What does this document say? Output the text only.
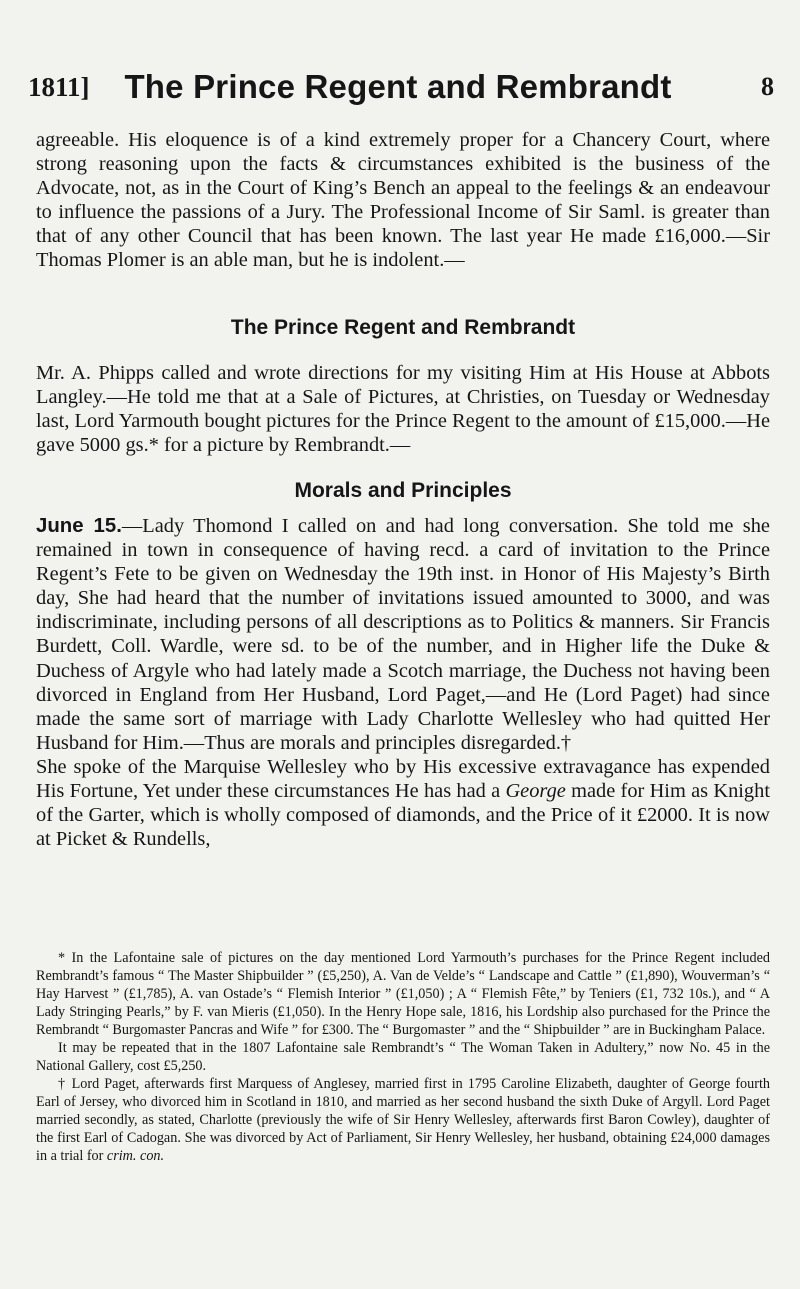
1811] The Prince Regent and Rembrandt	8

agreeable. His eloquence is of a kind extremely proper for a Chancery Court, where strong reasoning upon the facts & circumstances exhibited is the business of the Advocate, not, as in the Court of King’s Bench an appeal to the feelings & an endeavour to influence the passions of a Jury. The Professional Income of Sir Saml. is greater than that of any other Council that has been known. The last year He made £16,000.—Sir Thomas Plomer is an able man, but he is indolent.—

The Prince Regent and Rembrandt

Mr. A. Phipps called and wrote directions for my visiting Him at His House at Abbots Langley.—He told me that at a Sale of Pictures, at Christies, on Tuesday or Wednesday last, Lord Yarmouth bought pictures for the Prince Regent to the amount of £15,000.—He gave 5000 gs.* for a picture by Rembrandt.—

Morals and Principles

June 15.—Lady Thomond I called on and had long conversation. She told me she remained in town in consequence of having recd. a card of invitation to the Prince Regent’s Fete to be given on Wednesday the 19th inst. in Honor of His Majesty’s Birth day, She had heard that the number of invitations issued amounted to 3000, and was indiscriminate, including persons of all descriptions as to Politics & manners. Sir Francis Burdett, Coll. Wardle, were sd. to be of the number, and in Higher life the Duke & Duchess of Argyle who had lately made a Scotch marriage, the Duchess not having been divorced in England from Her Husband, Lord Paget,—and He (Lord Paget) had since made the same sort of marriage with Lady Charlotte Wellesley who had quitted Her Husband for Him.—Thus are morals and principles disregarded.†

She spoke of the Marquise Wellesley who by His excessive extravagance has expended His Fortune, Yet under these circumstances He has had a George made for Him as Knight of the Garter, which is wholly composed of diamonds, and the Price of it £2000. It is now at Picket & Rundells,

* In the Lafontaine sale of pictures on the day mentioned Lord Yarmouth’s purchases for the Prince Regent included Rembrandt’s famous “ The Master Shipbuilder ” (£5,250), A. Van de Velde’s “ Landscape and Cattle ” (£1,890), Wouverman’s “ Hay Harvest ” (£1,785), A. van Ostade’s “ Flemish Interior ” (£1,050) ; A “ Flemish Fête,” by Teniers (£1, 732 10s.), and “ A Lady Stringing Pearls,” by F. van Mieris (£1,050). In the Henry Hope sale, 1816, his Lordship also purchased for the Prince the Rembrandt “ Burgomaster Pancras and Wife ” for £300. The “ Burgomaster ” and the “ Shipbuilder ” are in Buckingham Palace.

It may be repeated that in the 1807 Lafontaine sale Rembrandt’s “ The Woman Taken in Adultery,” now No. 45 in the National Gallery, cost £5,250.

† Lord Paget, afterwards first Marquess of Anglesey, married first in 1795 Caroline Elizabeth, daughter of George fourth Earl of Jersey, who divorced him in Scotland in 1810, and married as her second husband the sixth Duke of Argyll. Lord Paget married secondly, as stated, Charlotte (previously the wife of Sir Henry Wellesley, afterwards first Baron Cowley), daughter of the first Earl of Cadogan. She was divorced by Act of Parliament, Sir Henry Wellesley, her husband, obtaining £24,000 damages in a trial for crim. con.
